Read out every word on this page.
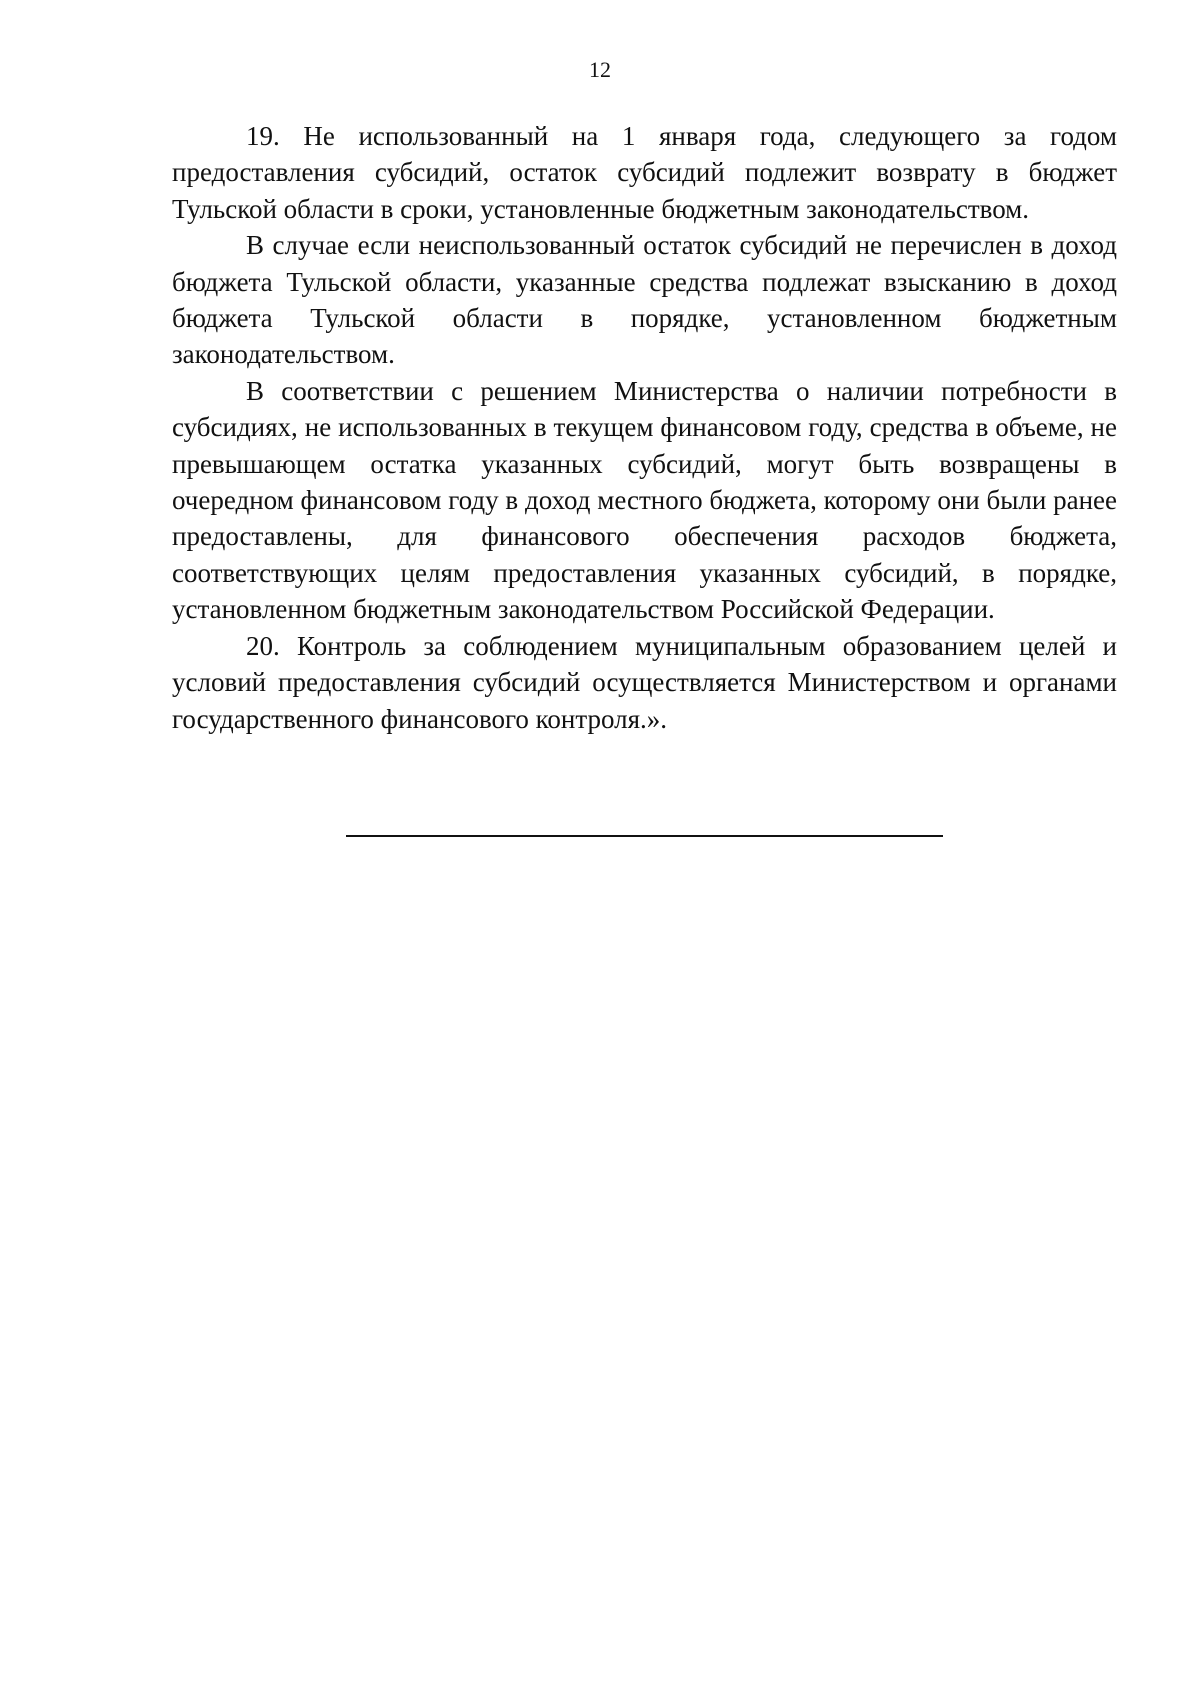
12

19. Не использованный на 1 января года, следующего за годом предоставления субсидий, остаток субсидий подлежит возврату в бюджет Тульской области в сроки, установленные бюджетным законодательством.

В случае если неиспользованный остаток субсидий не перечислен в доход бюджета Тульской области, указанные средства подлежат взысканию в доход бюджета Тульской области в порядке, установленном бюджетным законодательством.

В соответствии с решением Министерства о наличии потребности в субсидиях, не использованных в текущем финансовом году, средства в объеме, не превышающем остатка указанных субсидий, могут быть возвращены в очередном финансовом году в доход местного бюджета, которому они были ранее предоставлены, для финансового обеспечения расходов бюджета, соответствующих целям предоставления указанных субсидий, в порядке, установленном бюджетным законодательством Российской Федерации.

20. Контроль за соблюдением муниципальным образованием целей и условий предоставления субсидий осуществляется Министерством и органами государственного финансового контроля.».
